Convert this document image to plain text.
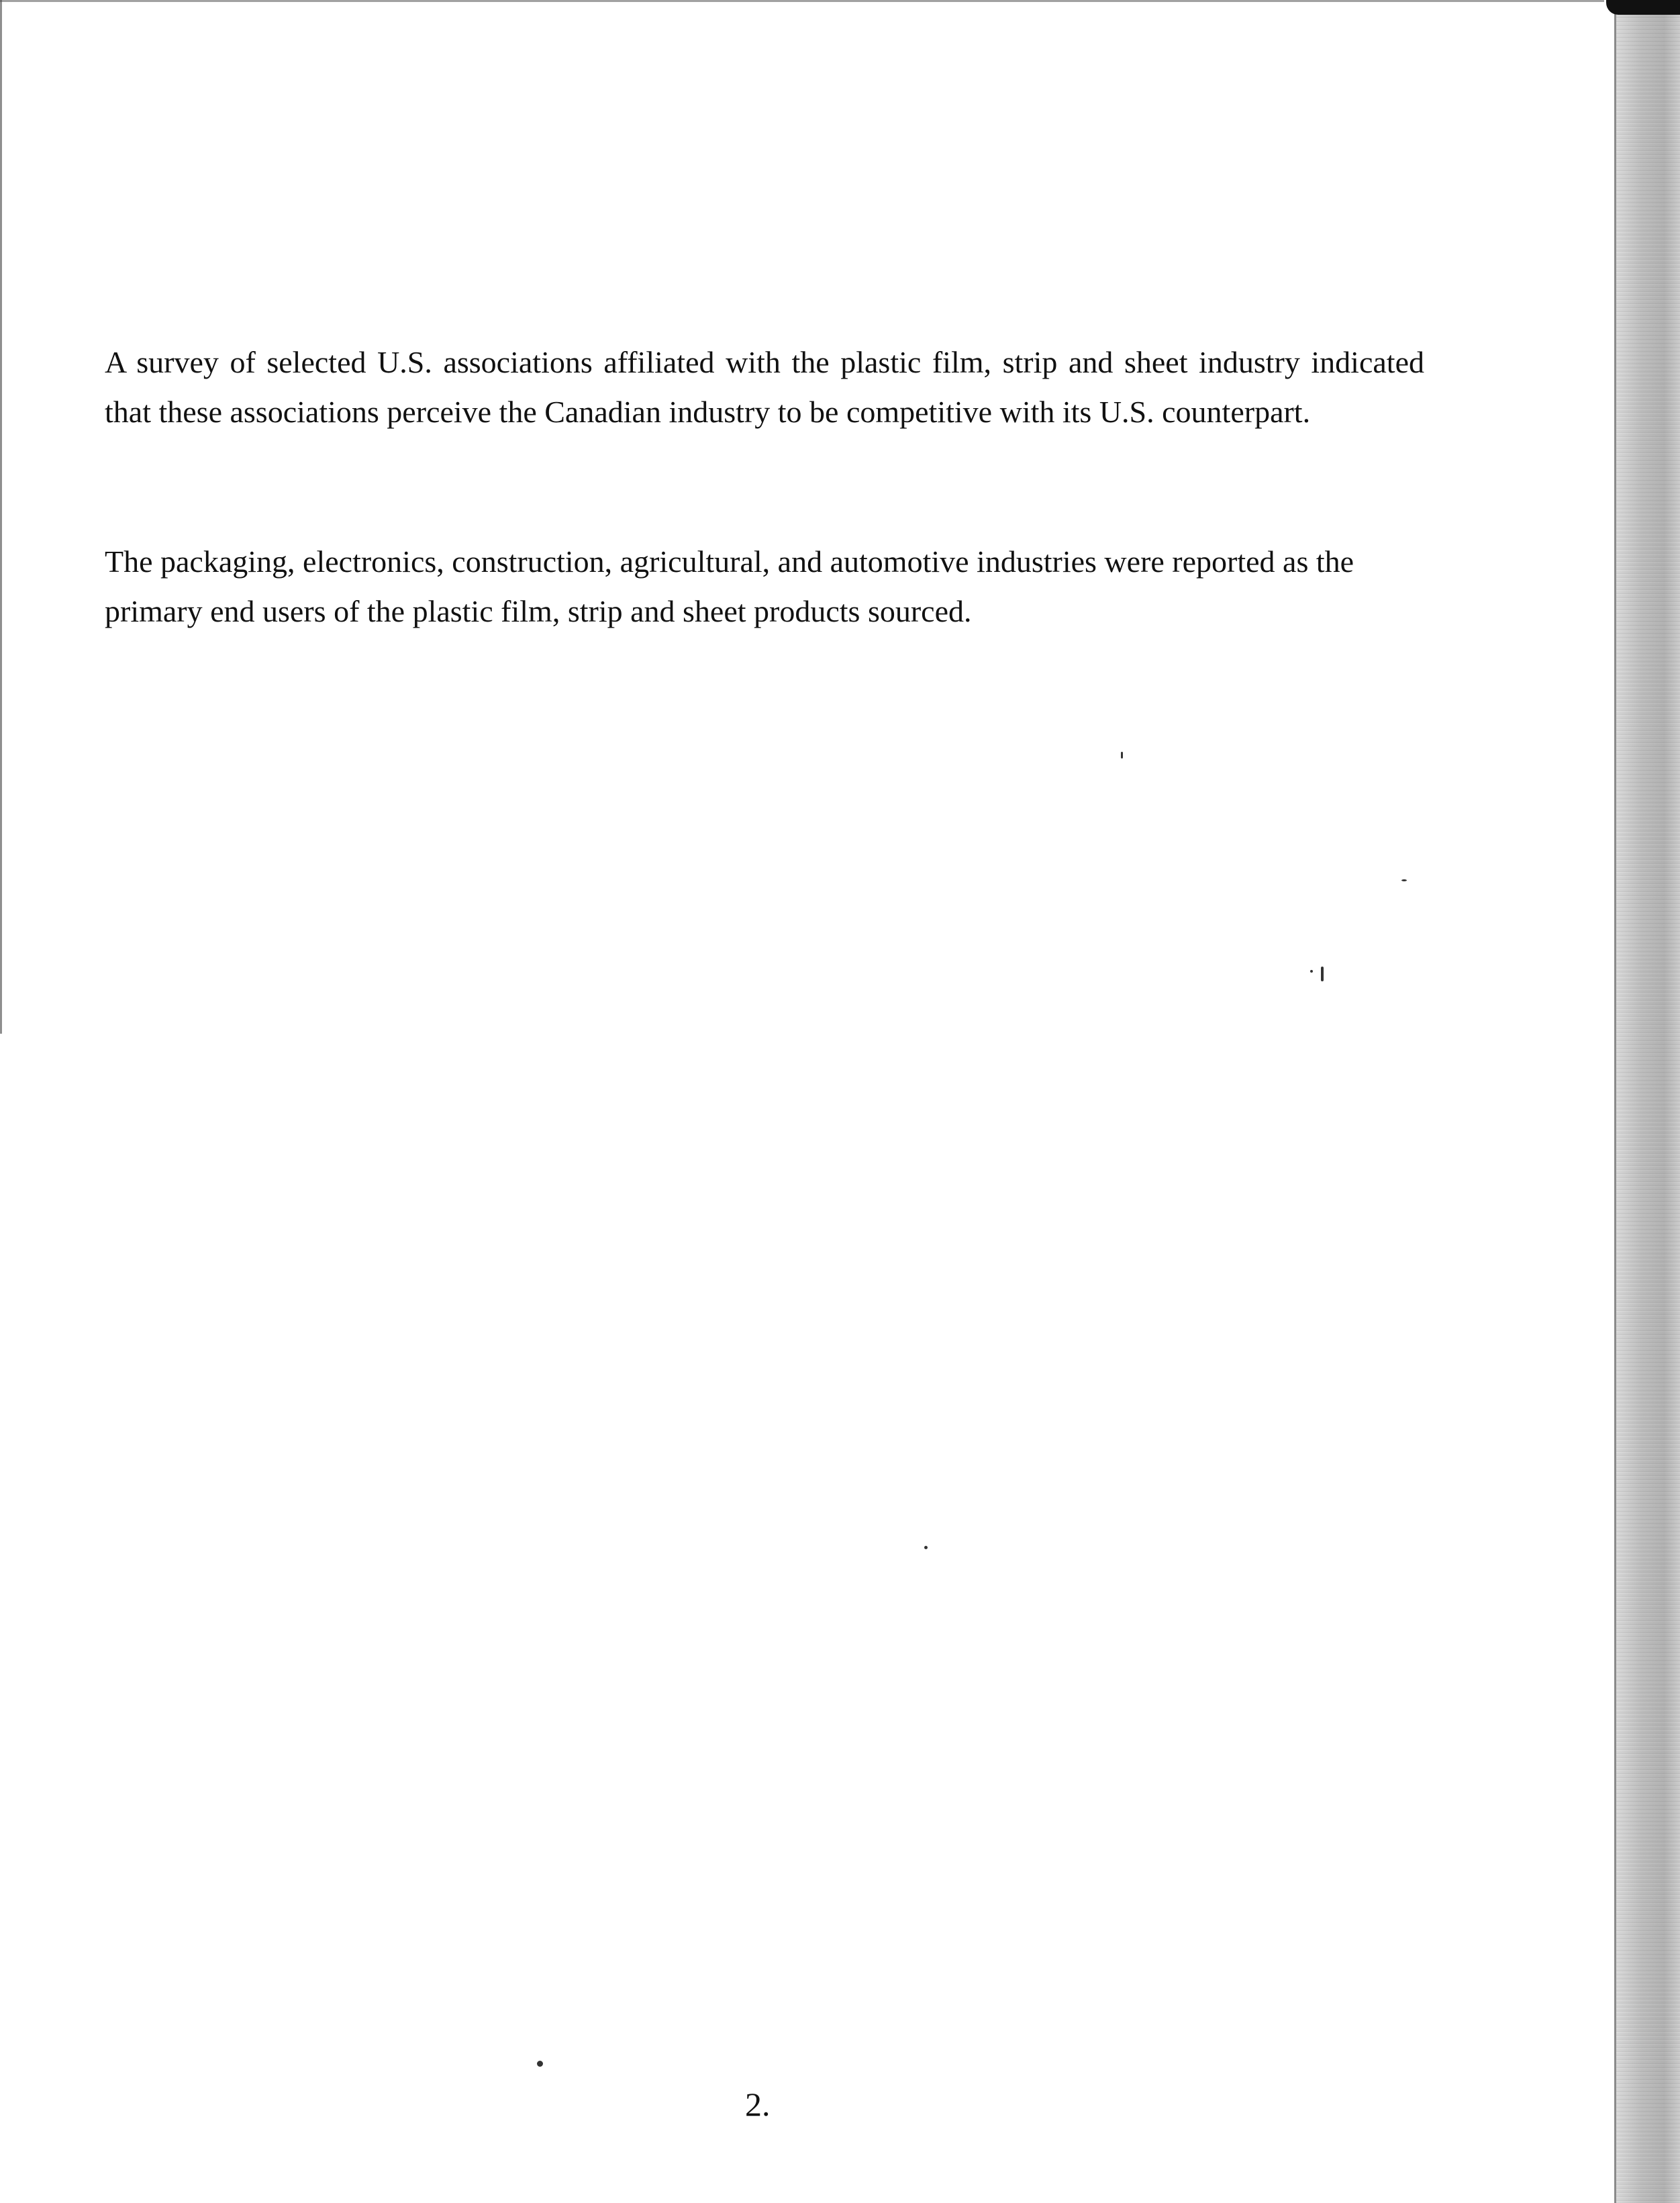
A survey of selected U.S. associations affiliated with the plastic film, strip and sheet industry indicated that these associations perceive the Canadian industry to be competitive with its U.S. counterpart.

The packaging, electronics, construction, agricultural, and automotive industries were reported as the primary end users of the plastic film, strip and sheet products sourced.

2.
